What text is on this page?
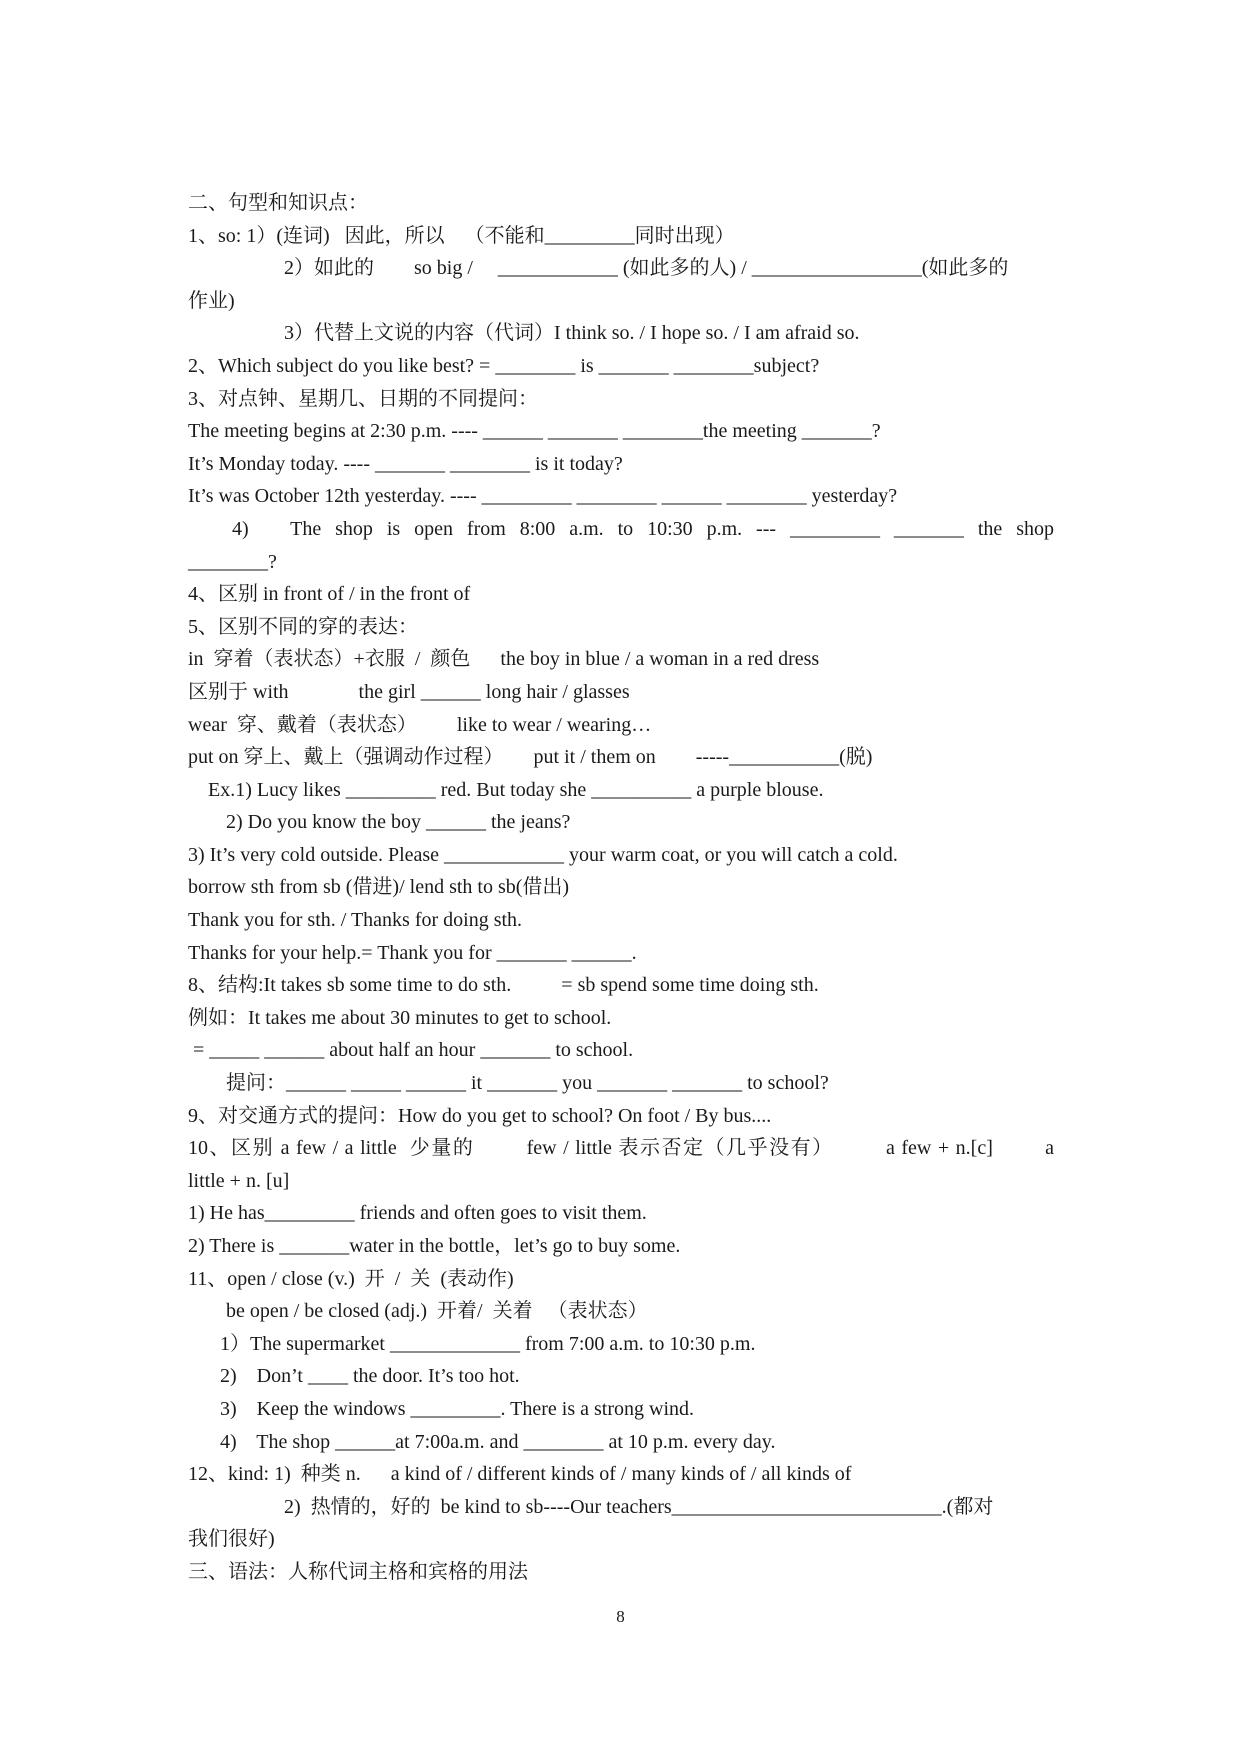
二、句型和知识点：
1、so: 1）(连词)   因此，所以    （不能和_________同时出现）
2）如此的        so big /     ____________ (如此多的人) / _________________(如此多的
作业)
3）代替上文说的内容（代词）I think so. / I hope so. / I am afraid so.
2、Which subject do you like best? = ________ is _______ ________subject?
3、对点钟、星期几、日期的不同提问：
The meeting begins at 2:30 p.m. ---- ______ _______ ________the meeting _______?
It’s Monday today. ---- _______ ________ is it today?
It’s was October 12th yesterday. ---- _________ ________ ______ ________ yesterday?
4)   The shop is open from 8:00 a.m. to 10:30 p.m. --- _________ _______ the shop
________?
4、区别 in front of / in the front of
5、区别不同的穿的表达：
in  穿着（表状态）+衣服  /  颜色      the boy in blue / a woman in a red dress
区别于 with              the girl ______ long hair / glasses
wear  穿、戴着（表状态）        like to wear / wearing…
put on 穿上、戴上（强调动作过程）      put it / them on        -----___________(脱)
Ex.1) Lucy likes _________ red. But today she __________ a purple blouse.
2) Do you know the boy ______ the jeans?
3) It’s very cold outside. Please ____________ your warm coat, or you will catch a cold.
borrow sth from sb (借进)/ lend sth to sb(借出)
Thank you for sth. / Thanks for doing sth.
Thanks for your help.= Thank you for _______ ______.
8、结构:It takes sb some time to do sth.          = sb spend some time doing sth.
例如：It takes me about 30 minutes to get to school.
= _____ ______ about half an hour _______ to school.
提问：______ _____ ______ it _______ you _______ _______ to school?
9、对交通方式的提问：How do you get to school? On foot / By bus....
10、区别 a few / a little  少量的        few / little 表示否定（几乎没有）        a few + n.[c]        a
little + n. [u]
1) He has_________ friends and often goes to visit them.
2) There is _______water in the bottle，let’s go to buy some.
11、open / close (v.)  开  /  关  (表动作)
be open / be closed (adj.)  开着/  关着   （表状态）
1）The supermarket _____________ from 7:00 a.m. to 10:30 p.m.
2)    Don’t ____ the door. It’s too hot.
3)    Keep the windows _________. There is a strong wind.
4)    The shop ______at 7:00a.m. and ________ at 10 p.m. every day.
12、kind: 1)  种类 n.      a kind of / different kinds of / many kinds of / all kinds of
2)  热情的，好的  be kind to sb----Our teachers___________________________.(都对
我们很好)
三、语法：人称代词主格和宾格的用法
8
